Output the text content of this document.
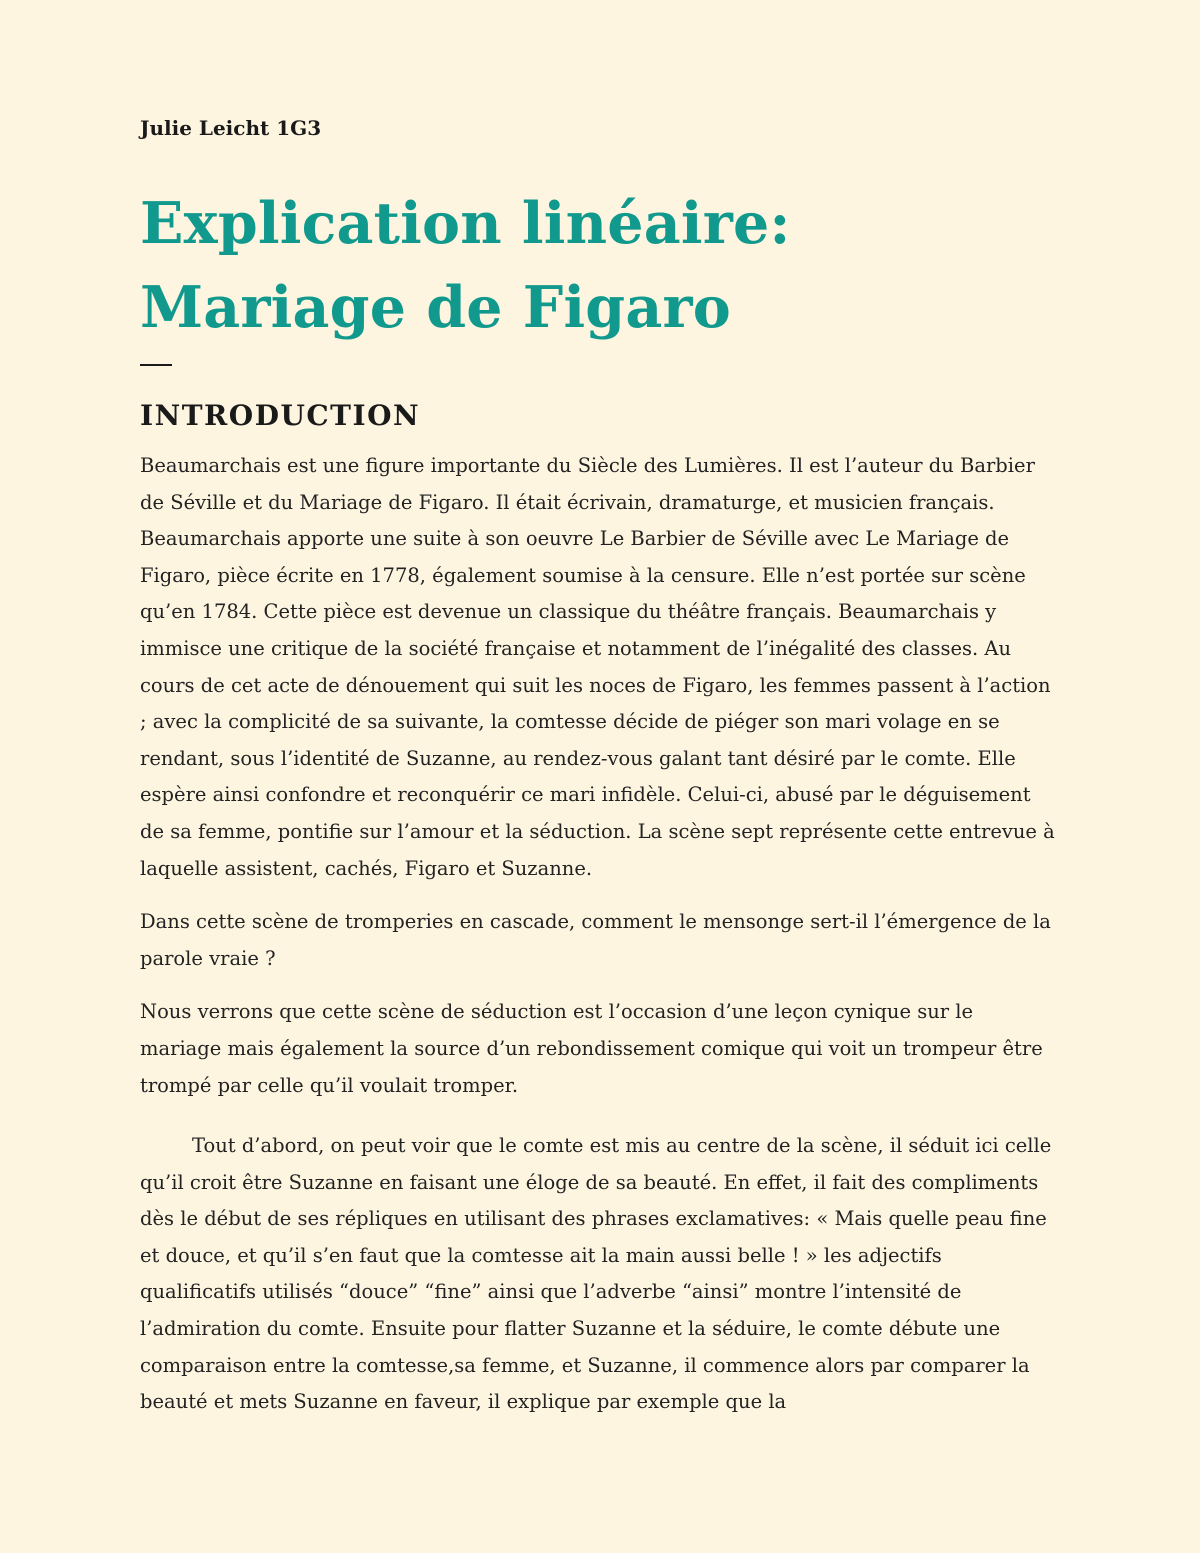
Julie Leicht 1G3
Explication linéaire: Mariage de Figaro
INTRODUCTION

Beaumarchais est une figure importante du Siècle des Lumières. Il est l’auteur du Barbier de Séville et du Mariage de Figaro. Il était écrivain, dramaturge, et musicien français. Beaumarchais apporte une suite à son oeuvre Le Barbier de Séville avec Le Mariage de Figaro, pièce écrite en 1778, également soumise à la censure. Elle n’est portée sur scène qu’en 1784. Cette pièce est devenue un classique du théâtre français. Beaumarchais y immisce une critique de la société française et notamment de l’inégalité des classes. Au cours de cet acte de dénouement qui suit les noces de Figaro, les femmes passent à l’action ; avec la complicité de sa suivante, la comtesse décide de piéger son mari volage en se rendant, sous l’identité de Suzanne, au rendez-vous galant tant désiré par le comte. Elle espère ainsi confondre et reconquérir ce mari infidèle. Celui-ci, abusé par le déguisement de sa femme, pontifie sur l’amour et la séduction. La scène sept représente cette entrevue à laquelle assistent, cachés, Figaro et Suzanne.

Dans cette scène de tromperies en cascade, comment le mensonge sert-il l’émergence de la parole vraie ?

Nous verrons que cette scène de séduction est l’occasion d’une leçon cynique sur le mariage mais également la source d’un rebondissement comique qui voit un trompeur être trompé par celle qu’il voulait tromper.

Tout d’abord, on peut voir que le comte est mis au centre de la scène, il séduit ici celle qu’il croit être Suzanne en faisant une éloge de sa beauté. En effet, il fait des compliments dès le début de ses répliques en utilisant des phrases exclamatives: « Mais quelle peau fine et douce, et qu’il s’en faut que la comtesse ait la main aussi belle ! » les adjectifs qualificatifs utilisés “douce” “fine” ainsi que l’adverbe “ainsi” montre l’intensité de l’admiration du comte. Ensuite pour flatter Suzanne et la séduire, le comte débute une comparaison entre la comtesse,sa femme, et Suzanne, il commence alors par comparer la beauté et mets Suzanne en faveur, il explique par exemple que la
